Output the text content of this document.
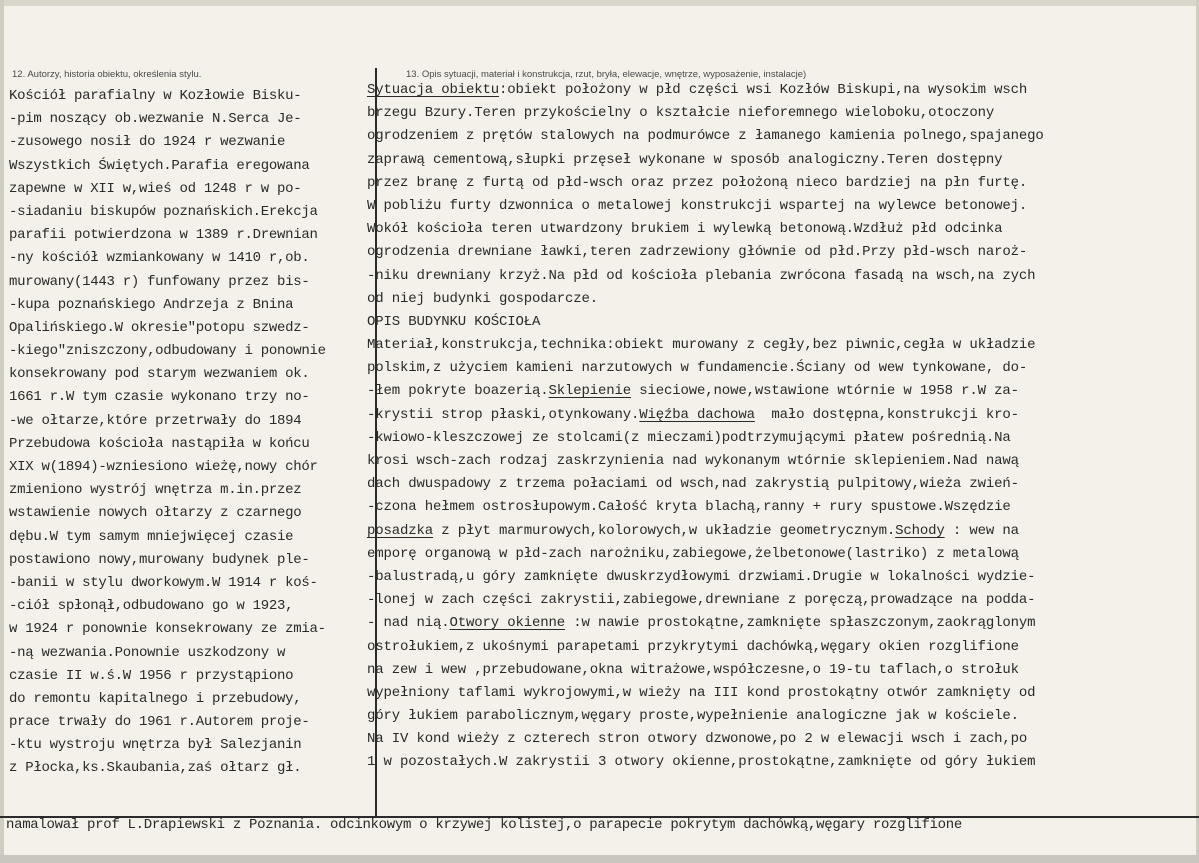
12. Autorzy, historia obiektu, określenia stylu.	13. Opis sytuacji, materiał i konstrukcja, rzut, bryła, elewacje, wnętrze, wyposażenie, instalacje)
Kościół parafialny w Kozłowie Bisku-
-pim noszący ob.wezwanie N.Serca Je-
-zusowego nosił do 1924 r wezwanie
Wszystkich Świętych.Parafia eregowana
zapewne w XII w,wieś od 1248 r w po-
-siadaniu biskupów poznańskich.Erekcja
parafii potwierdzona w 1389 r.Drewnian
-ny kościół wzmiankowany w 1410 r,ob.
murowany(1443 r) funfowany przez bis-
-kupa poznańskiego Andrzeja z Bnina
Opalińskiego.W okresie"potopu szwedz-
-kiego"zniszczony,odbudowany i ponownie
konsekrowany pod starym wezwaniem ok.
1661 r.W tym czasie wykonano trzy no-
-we ołtarze,które przetrwały do 1894
Przebudowa kościoła nastąpiła w końcu
XIX w(1894)-wzniesiono wieżę,nowy chór
zmieniono wystrój wnętrza m.in.przez
wstawienie nowych ołtarzy z czarnego
dębu.W tym samym mniejwięcej czasie
postawiono nowy,murowany budynek ple-
-banii w stylu dworkowym.W 1914 r koś-
-ciół spłonął,odbudowano go w 1923,
w 1924 r ponownie konsekrowany ze zmia-
-ną wezwania.Ponownie uszkodzony w
czasie II w.ś.W 1956 r przystąpiono
do remontu kapitalnego i przebudowy,
prace trwały do 1961 r.Autorem proje-
-ktu wystroju wnętrza był Salezjanin
z Płocka,ks.Skaubania,zaś ołtarz gł.
Sytuacja obiektu:obiekt położony w płd części wsi Kozłów Biskupi,na wysokim wsch
brzegu Bzury.Teren przykościelny o kształcie nieforemnego wieloboku,otoczony
ogrodzeniem z prętów stalowych na podmurówce z łamanego kamienia polnego,spajanego
zaprawą cementową,słupki przęseł wykonane w sposób analogiczny.Teren dostępny
przez branę z furtą od płd-wsch oraz przez położoną nieco bardziej na płn furtę.
W pobliżu furty dzwonnica o metalowej konstrukcji wspartej na wylewce betonowej.
Wokół kościoła teren utwardzony brukiem i wylewką betonową.Wzdłuż płd odcinka
ogrodzenia drewniane ławki,teren zadrzewiony głównie od płd.Przy płd-wsch naroż-
-niku drewniany krzyż.Na płd od kościoła plebania zwrócona fasadą na wsch,na zych
od niej budynki gospodarcze.
OPIS BUDYNKU KOŚCIOŁA
Materiał,konstrukcja,technika:obiekt murowany z cegły,bez piwnic,cegła w układzie
polskim,z użyciem kamieni narzutowych w fundamencie.Ściany od wew tynkowane, do-
-łem pokryte boazerią.Sklepienie sieciowe,nowe,wstawione wtórnie w 1958 r.W za-
-krystii strop płaski,otynkowany.Więźba dachowa  mało dostępna,konstrukcji kro-
-kwiowo-kleszczowej ze stolcami(z mieczami)podtrzymującymi płatew pośrednią.Na
krosi wsch-zach rodzaj zaskrzynienia nad wykonanym wtórnie sklepieniem.Nad nawą
dach dwuspadowy z trzema połaciami od wsch,nad zakrystią pulpitowy,wieża zwień-
-czona hełmem ostrosłupowym.Całość kryta blachą,ranny + rury spustowe.Wszędzie
posadzka z płyt marmurowych,kolorowych,w układzie geometrycznym.Schody : wew na
emporę organową w płd-zach narożniku,zabiegowe,żelbetonowe(lastriko) z metalową
-balustradą,u góry zamknięte dwuskrzydłowymi drzwiami.Drugie w lokalności wydzie-
-lonej w zach części zakrystii,zabiegowe,drewniane z poręczą,prowadzące na podda-
- nad nią.Otwory okienne :w nawie prostokątne,zamknięte spłaszczonym,zaokrąglonym
ostrołukiem,z ukośnymi parapetami przykrytymi dachówką,węgary okien rozglifione
na zew i wew ,przebudowane,okna witrażowe,współczesne,o 19-tu taflach,o strołuk
wypełniony taflami wykrojowymi,w wieży na III kond prostokątny otwór zamknięty od
góry łukiem parabolicznym,węgary proste,wypełnienie analogiczne jak w kościele.
Na IV kond wieży z czterech stron otwory dzwonowe,po 2 w elewacji wsch i zach,po
1 w pozostałych.W zakrystii 3 otwory okienne,prostokątne,zamknięte od góry łukiem
namalował prof L.Drapiewski z Poznania. odcinkowym o krzywej kolistej,o parapecie pokrytym dachówką,węgary rozglifione
